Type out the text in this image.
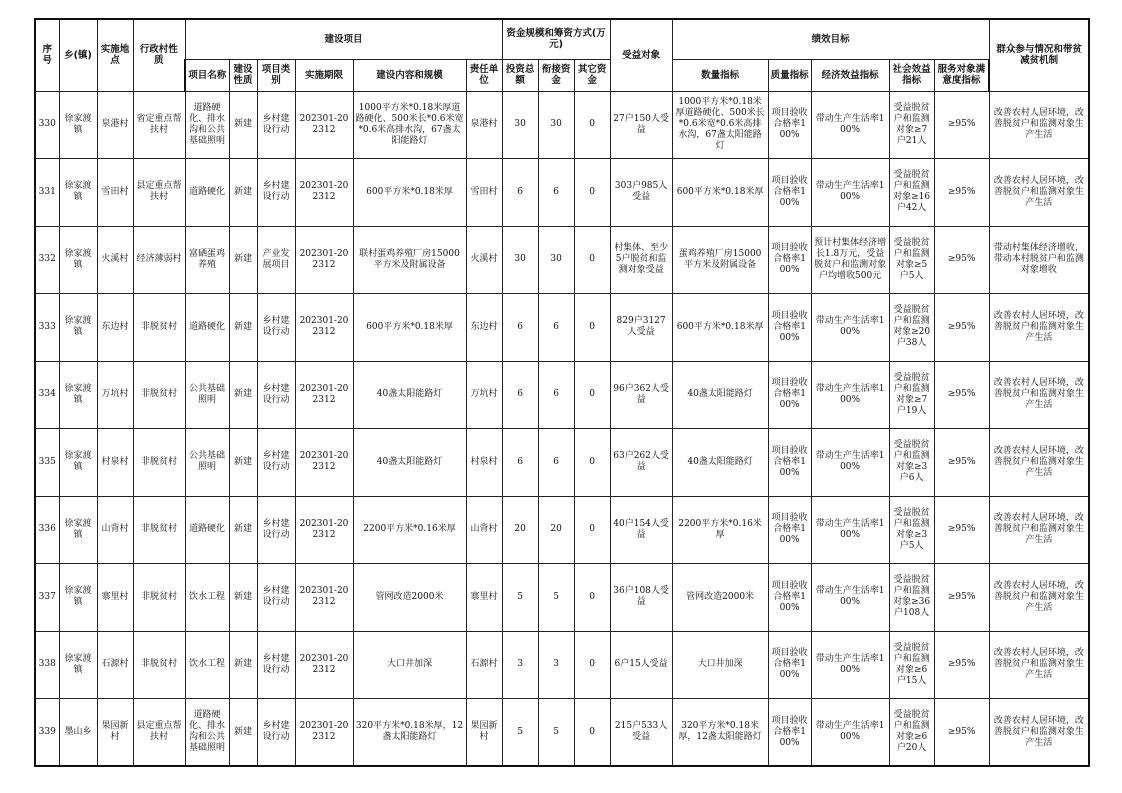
序号	乡(镇)	实施地点	行政村性质	建设项目						资金规模和筹资方式(万元)			受益对象	绩效目标					群众参与情况和带贫减贫机制
				项目名称	建设性质	项目类别	实施期限	建设内容和规模	责任单位	投资总额	衔接资金	其它资金		数量指标	质量指标	经济效益指标	社会效益指标	服务对象满意度指标	
330	徐家渡镇	泉港村	省定重点帮扶村	道路硬化、排水沟和公共基础照明	新建	乡村建设行动	202301-202312	1000平方米*0.18米厚道路硬化、500米长*0.6米宽*0.6米高排水沟，67盏太阳能路灯	泉港村	30	30	0	27户150人受益	1000平方米*0.18米厚道路硬化、500米长*0.6米宽*0.6米高排水沟，67盏太阳能路灯	项目验收合格率100%	带动生产生活率100%	受益脱贫户和监测对象≥7户21人	≥95%	改善农村人居环境，改善脱贫户和监测对象生产生活
331	徐家渡镇	雪田村	县定重点帮扶村	道路硬化	新建	乡村建设行动	202301-202312	600平方米*0.18米厚	雪田村	6	6	0	303户985人受益	600平方米*0.18米厚	项目验收合格率100%	带动生产生活率100%	受益脱贫户和监测对象≥16户42人	≥95%	改善农村人居环境，改善脱贫户和监测对象生产生活
332	徐家渡镇	火溪村	经济薄弱村	富硒蛋鸡养殖	新建	产业发展项目	202301-202312	联村蛋鸡养殖厂房15000平方米及附属设备	火溪村	30	30	0	村集体、至少5户脱贫和监测对象受益	蛋鸡养殖厂房15000平方米及附属设备	项目验收合格率100%	预计村集体经济增长1.8万元，受益脱贫户和监测对象户均增收500元	受益脱贫户和监测对象≥5户5人	≥95%	带动村集体经济增收，带动本村脱贫户和监测对象增收
333	徐家渡镇	东边村	非脱贫村	道路硬化	新建	乡村建设行动	202301-202312	600平方米*0.18米厚	东边村	6	6	0	829户3127人受益	600平方米*0.18米厚	项目验收合格率100%	带动生产生活率100%	受益脱贫户和监测对象≥20户38人	≥95%	改善农村人居环境，改善脱贫户和监测对象生产生活
334	徐家渡镇	万坑村	非脱贫村	公共基础照明	新建	乡村建设行动	202301-202312	40盏太阳能路灯	万坑村	6	6	0	96户362人受益	40盏太阳能路灯	项目验收合格率100%	带动生产生活率100%	受益脱贫户和监测对象≥7户19人	≥95%	改善农村人居环境，改善脱贫户和监测对象生产生活
335	徐家渡镇	村泉村	非脱贫村	公共基础照明	新建	乡村建设行动	202301-202312	40盏太阳能路灯	村泉村	6	6	0	63户262人受益	40盏太阳能路灯	项目验收合格率100%	带动生产生活率100%	受益脱贫户和监测对象≥3户6人	≥95%	改善农村人居环境，改善脱贫户和监测对象生产生活
336	徐家渡镇	山背村	非脱贫村	道路硬化	新建	乡村建设行动	202301-202312	2200平方米*0.16米厚	山背村	20	20	0	40户154人受益	2200平方米*0.16米厚	项目验收合格率100%	带动生产生活率100%	受益脱贫户和监测对象≥3户5人	≥95%	改善农村人居环境，改善脱贫户和监测对象生产生活
337	徐家渡镇	寨里村	非脱贫村	饮水工程	新建	乡村建设行动	202301-202312	管网改造2000米	寨里村	5	5	0	36户108人受益	管网改造2000米	项目验收合格率100%	带动生产生活率100%	受益脱贫户和监测对象≥36户108人	≥95%	改善农村人居环境，改善脱贫户和监测对象生产生活
338	徐家渡镇	石源村	非脱贫村	饮水工程	新建	乡村建设行动	202301-202312	大口井加深	石源村	3	3	0	6户15人受益	大口井加深	项目验收合格率100%	带动生产生活率100%	受益脱贫户和监测对象≥6户15人	≥95%	改善农村人居环境，改善脱贫户和监测对象生产生活
339	墨山乡	果园新村	县定重点帮扶村	道路硬化、排水沟和公共基础照明	新建	乡村建设行动	202301-202312	320平方米*0.18米厚，12盏太阳能路灯	果园新村	5	5	0	215户533人受益	320平方米*0.18米厚，12盏太阳能路灯	项目验收合格率100%	带动生产生活率100%	受益脱贫户和监测对象≥6户20人	≥95%	改善农村人居环境，改善脱贫户和监测对象生产生活
